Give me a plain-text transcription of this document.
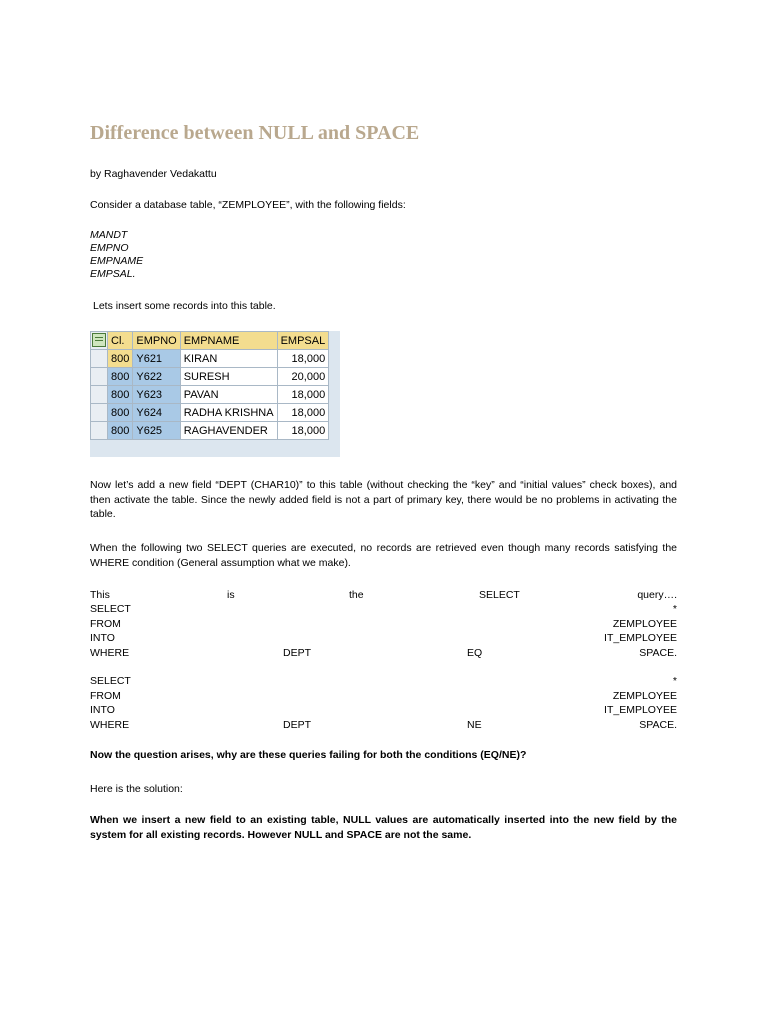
Difference between NULL and SPACE
by Raghavender Vedakattu
Consider a database table, “ZEMPLOYEE”, with the following fields:
MANDT
EMPNO
EMPNAME
EMPSAL.
Lets insert some records into this table.
	Cl.	EMPNO	EMPNAME	EMPSAL
	800	Y621	KIRAN	18,000
	800	Y622	SURESH	20,000
	800	Y623	PAVAN	18,000
	800	Y624	RADHA KRISHNA	18,000
	800	Y625	RAGHAVENDER	18,000
Now let’s add a new field “DEPT (CHAR10)” to this table (without checking the “key” and “initial values” check boxes), and then activate the table. Since the newly added field is not a part of primary key, there would be no problems in activating the table.
When the following two SELECT queries are executed, no records are retrieved even though many records satisfying the WHERE condition (General assumption what we make).
This	is	the	SELECT	query….
SELECT	*
FROM	ZEMPLOYEE
INTO	IT_EMPLOYEE
WHERE	DEPT	EQ	SPACE.
SELECT	*
FROM	ZEMPLOYEE
INTO	IT_EMPLOYEE
WHERE	DEPT	NE	SPACE.
Now the question arises, why are these queries failing for both the conditions (EQ/NE)?
Here is the solution:
When we insert a new field to an existing table, NULL values are automatically inserted into the new field by the system for all existing records. However NULL and SPACE are not the same.
